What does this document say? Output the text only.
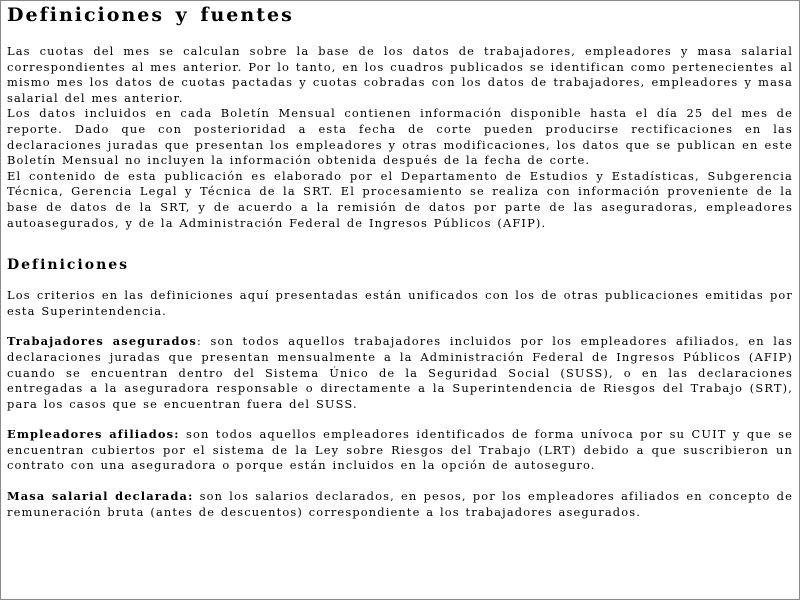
Definiciones y fuentes

Las cuotas del mes se calculan sobre la base de los datos de trabajadores, empleadores y masa salarial correspondientes al mes anterior. Por lo tanto, en los cuadros publicados se identifican como pertenecientes al mismo mes los datos de cuotas pactadas y cuotas cobradas con los datos de trabajadores, empleadores y masa salarial del mes anterior.

Los datos incluidos en cada Boletín Mensual contienen información disponible hasta el día 25 del mes de reporte. Dado que con posterioridad a esta fecha de corte pueden producirse rectificaciones en las declaraciones juradas que presentan los empleadores y otras modificaciones, los datos que se publican en este Boletín Mensual no incluyen la información obtenida después de la fecha de corte.

El contenido de esta publicación es elaborado por el Departamento de Estudios y Estadísticas, Subgerencia Técnica, Gerencia Legal y Técnica de la SRT. El procesamiento se realiza con información proveniente de la base de datos de la SRT, y de acuerdo a la remisión de datos por parte de las aseguradoras, empleadores autoasegurados, y de la Administración Federal de Ingresos Públicos (AFIP).

Definiciones

Los criterios en las definiciones aquí presentadas están unificados con los de otras publicaciones emitidas por esta Superintendencia.

Trabajadores asegurados: son todos aquellos trabajadores incluidos por los empleadores afiliados, en las declaraciones juradas que presentan mensualmente a la Administración Federal de Ingresos Públicos (AFIP) cuando se encuentran dentro del Sistema Único de la Seguridad Social (SUSS), o en las declaraciones entregadas a la aseguradora responsable o directamente a la Superintendencia de Riesgos del Trabajo (SRT), para los casos que se encuentran fuera del SUSS.

Empleadores afiliados: son todos aquellos empleadores identificados de forma unívoca por su CUIT y que se encuentran cubiertos por el sistema de la Ley sobre Riesgos del Trabajo (LRT) debido a que suscribieron un contrato con una aseguradora o porque están incluidos en la opción de autoseguro.

Masa salarial declarada: son los salarios declarados, en pesos, por los empleadores afiliados en concepto de remuneración bruta (antes de descuentos) correspondiente a los trabajadores asegurados.
